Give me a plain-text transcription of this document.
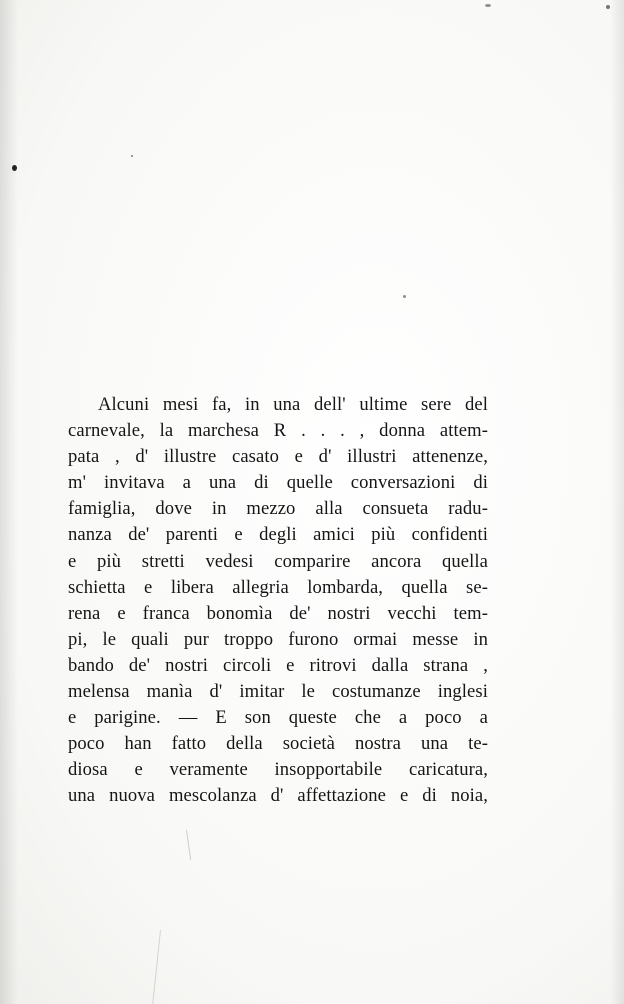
Alcuni mesi fa, in una dell' ultime sere del
carnevale, la marchesa R . . . , donna attem-
pata , d' illustre casato e d' illustri attenenze,
m' invitava a una di quelle conversazioni di
famiglia, dove in mezzo alla consueta radu-
nanza de' parenti e degli amici più confidenti
e più stretti vedesi comparire ancora quella
schietta e libera allegria lombarda, quella se-
rena e franca bonomìa de' nostri vecchi tem-
pi, le quali pur troppo furono ormai messe in
bando de' nostri circoli e ritrovi dalla strana ,
melensa manìa d' imitar le costumanze inglesi
e parigine. — E son queste che a poco a
poco han fatto della società nostra una te-
diosa e veramente insopportabile caricatura,
una nuova mescolanza d' affettazione e di noia,
